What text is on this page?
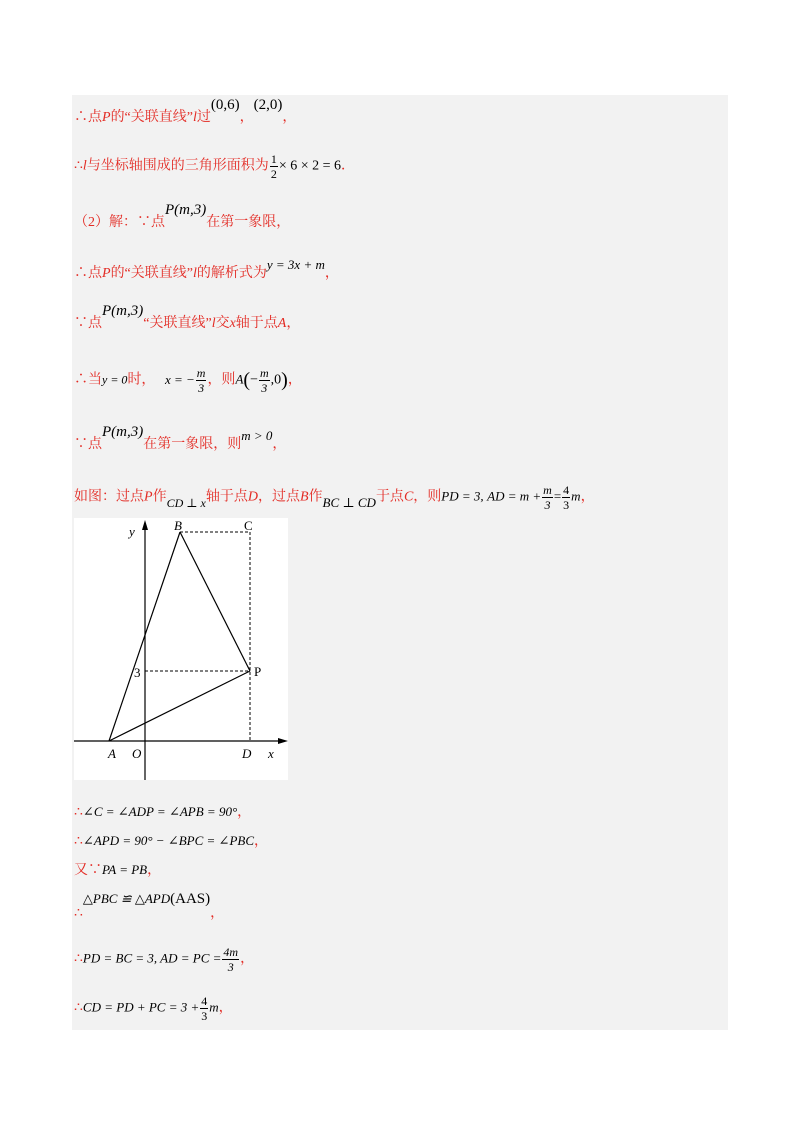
∴点P的“关联直线”l过(0,6)，(2,0)，
∴l与坐标轴围成的三角形面积为 $\frac{1}{2} \times 6 \times 2 = 6$．
（2）解：∵点P(m,3)在第一象限，
∴点P的“关联直线”l的解析式为y = 3x + m，
∵点P(m,3)“关联直线”l交x轴于点A，
∴当y = 0时， x = − $\frac{m}{3}$ ，则$A(- \frac{m}{3} ,0)$，
∵点P(m,3)在第一象限，则m > 0，
如图：过点P作CD ⊥ x轴于点D，过点B作BC ⊥ CD于点C，则PD = 3, AD = $m + \frac{m}{3} = \frac{4}{3}$ m，
y	B	C
3	P
A O	D x
∴∠C = ∠ADP = ∠APB = 90°，
∴∠APD = 90° − ∠BPC = ∠PBC，
又∵PA = PB，
∴△PBC ≌ △APD(AAS)，
∴PD = BC = 3, AD = PC = $\frac{4m}{3}$ ，
∴CD = PD + PC = $3 + \frac{4}{3}$ m，
